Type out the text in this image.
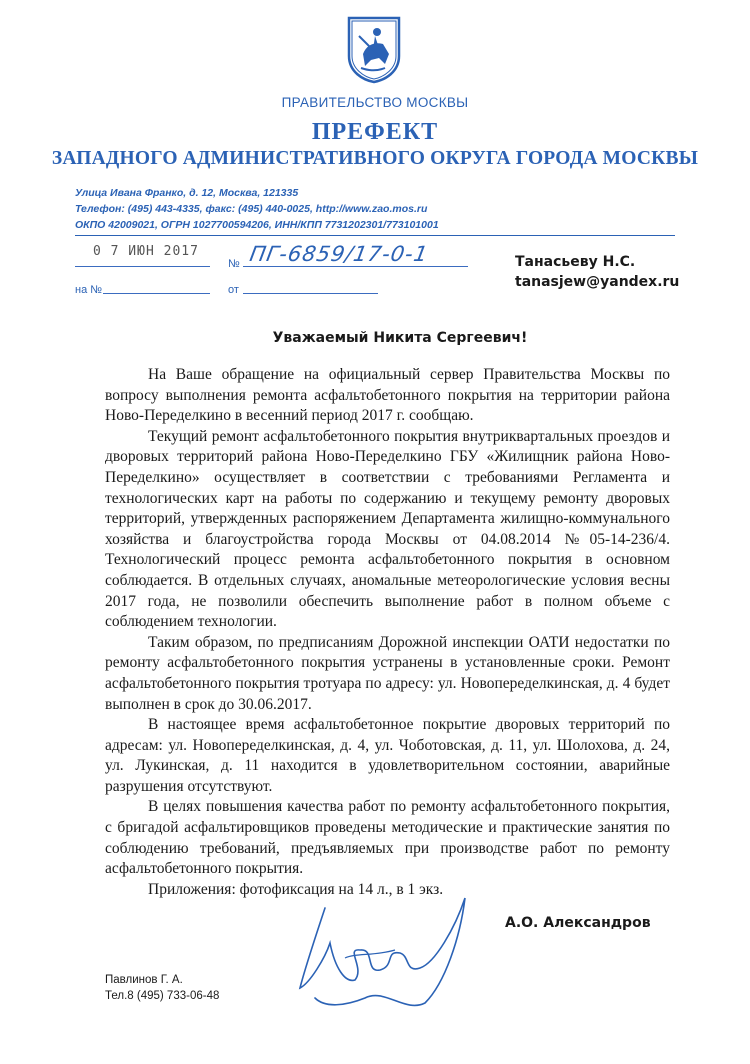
ПРАВИТЕЛЬСТВО МОСКВЫ
ПРЕФЕКТ
ЗАПАДНОГО АДМИНИСТРАТИВНОГО ОКРУГА ГОРОДА МОСКВЫ
Улица Ивана Франко, д. 12, Москва, 121335
Телефон: (495) 443-4335, факс: (495) 440-0025, http://www.zao.mos.ru
ОКПО 42009021, ОГРН 1027700594206, ИНН/КПП 7731202301/773101001
0 7 ИЮН 2017
№ ПГ-6859/17-0-1
на №	от
Танасьеву Н.С.
tanasjew@yandex.ru
Уважаемый Никита Сергеевич!

На Ваше обращение на официальный сервер Правительства Москвы по вопросу выполнения ремонта асфальтобетонного покрытия на территории района Ново-Переделкино в весенний период 2017 г. сообщаю.

Текущий ремонт асфальтобетонного покрытия внутриквартальных проездов и дворовых территорий района Ново-Переделкино ГБУ «Жилищник района Ново-Переделкино» осуществляет в соответствии с требованиями Регламента и технологических карт на работы по содержанию и текущему ремонту дворовых территорий, утвержденных распоряжением Департамента жилищно-коммунального хозяйства и благоустройства города Москвы от 04.08.2014 №05-14-236/4. Технологический процесс ремонта асфальтобетонного покрытия в основном соблюдается. В отдельных случаях, аномальные метеорологические условия весны 2017 года, не позволили обеспечить выполнение работ в полном объеме с соблюдением технологии.

Таким образом, по предписаниям Дорожной инспекции ОАТИ недостатки по ремонту асфальтобетонного покрытия устранены в установленные сроки. Ремонт асфальтобетонного покрытия тротуара по адресу: ул. Новопеределкинская, д. 4 будет выполнен в срок до 30.06.2017.

В настоящее время асфальтобетонное покрытие дворовых территорий по адресам: ул. Новопеределкинская, д. 4, ул. Чоботовская, д. 11, ул. Шолохова, д. 24, ул. Лукинская, д. 11 находится в удовлетворительном состоянии, аварийные разрушения отсутствуют.

В целях повышения качества работ по ремонту асфальтобетонного покрытия, с бригадой асфальтировщиков проведены методические и практические занятия по соблюдению требований, предъявляемых при производстве работ по ремонту асфальтобетонного покрытия.

Приложения: фотофиксация на 14 л., в 1 экз.

А.О. Александров
Павлинов Г. А.
Тел.8 (495) 733-06-48
